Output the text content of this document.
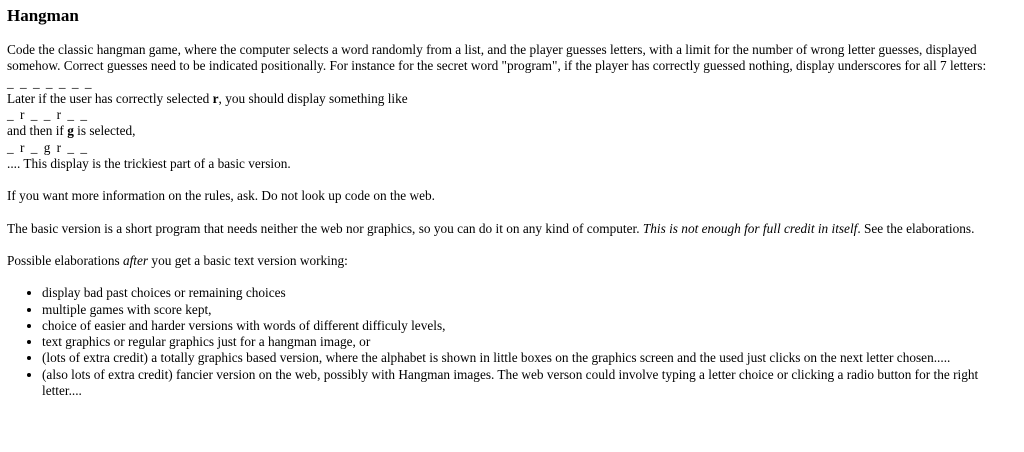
Hangman

Code the classic hangman game, where the computer selects a word randomly from a list, and the player guesses letters, with a limit for the number of wrong letter guesses, displayed somehow. Correct guesses need to be indicated positionally. For instance for the secret word "program", if the player has correctly guessed nothing, display underscores for all 7 letters:

_ _ _ _ _ _ _

Later if the user has correctly selected r, you should display something like

_ r _ _ r _ _

and then if g is selected,

_ r _ g r _ _

.... This display is the trickiest part of a basic version.

If you want more information on the rules, ask. Do not look up code on the web.

The basic version is a short program that needs neither the web nor graphics, so you can do it on any kind of computer. This is not enough for full credit in itself. See the elaborations.

Possible elaborations after you get a basic text version working:

• display bad past choices or remaining choices
• multiple games with score kept,
• choice of easier and harder versions with words of different difficuly levels,
• text graphics or regular graphics just for a hangman image, or
• (lots of extra credit) a totally graphics based version, where the alphabet is shown in little boxes on the graphics screen and the used just clicks on the next letter chosen.....
• (also lots of extra credit) fancier version on the web, possibly with Hangman images. The web verson could involve typing a letter choice or clicking a radio button for the right letter....
